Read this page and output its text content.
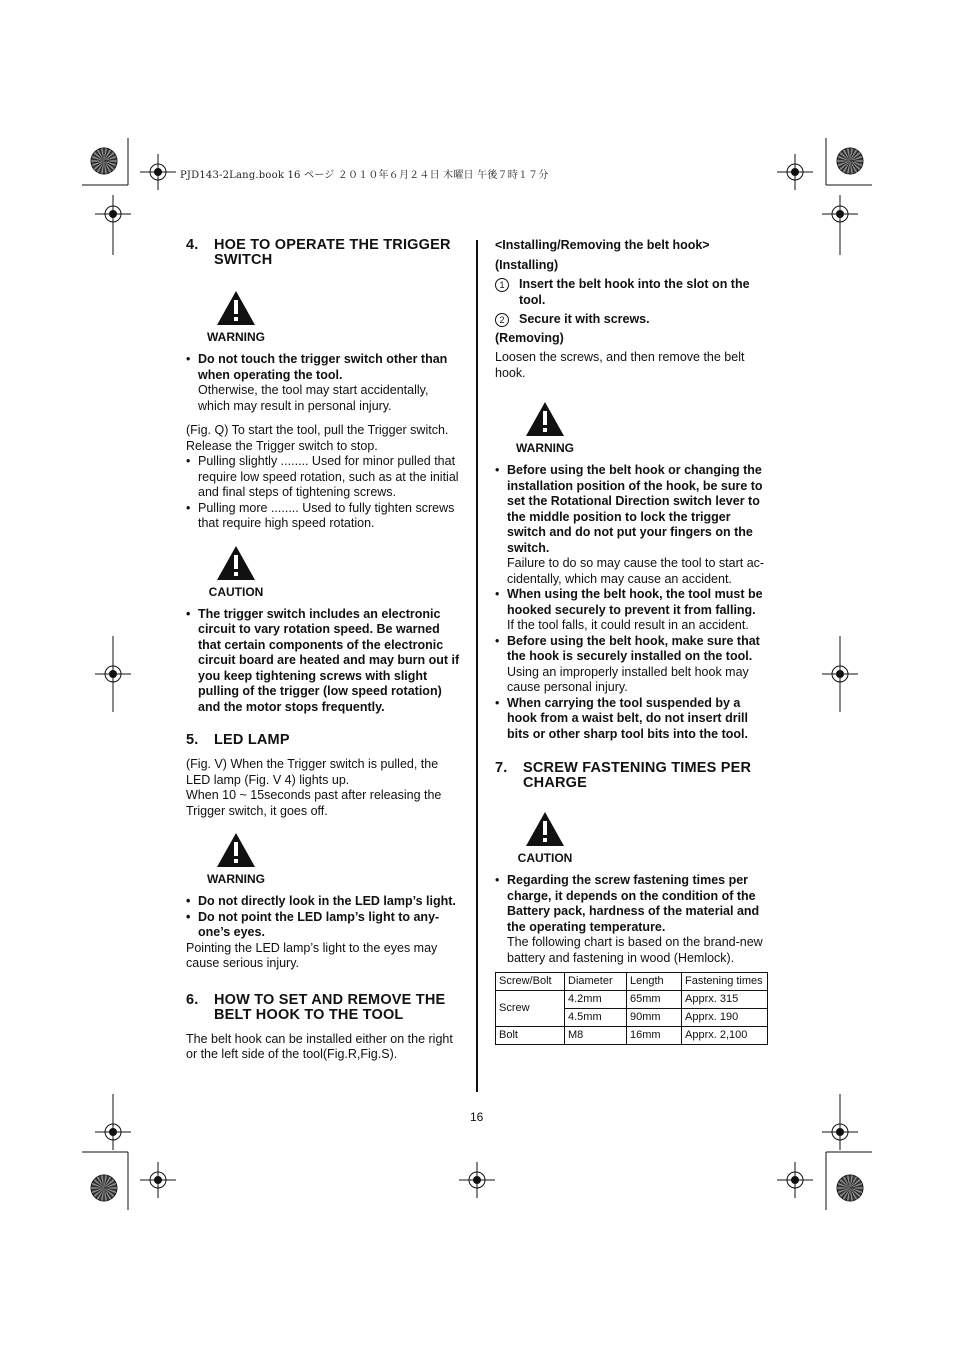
PJD143-2Lang.book 16 ページ ２０１０年６月２４日 木曜日 午後７時１７分
4.	HOE TO OPERATE THE TRIGGER SWITCH
WARNING
• Do not touch the trigger switch other than when operating the tool.
Otherwise, the tool may start accidentally, which may result in personal injury.

(Fig. Q) To start the tool, pull the Trigger switch. Release the Trigger switch to stop.

• Pulling slightly ........ Used for minor pulled that require low speed rotation, such as at the initial and final steps of tightening screws.
• Pulling more ........ Used to fully tighten screws that require high speed rotation.
CAUTION
• The trigger switch includes an electronic circuit to vary rotation speed. Be warned that certain components of the electronic circuit board are heated and may burn out if you keep tightening screws with slight pulling of the trigger (low speed rotation) and the motor stops frequently.
5.	LED LAMP

(Fig. V) When the Trigger switch is pulled, the LED lamp (Fig. V 4) lights up.

When 10 ~ 15seconds past after releasing the Trigger switch, it goes off.

WARNING
• Do not directly look in the LED lamp’s light.
• Do not point the LED lamp’s light to any-one’s eyes.

Pointing the LED lamp’s light to the eyes may cause serious injury.

6.	HOW TO SET AND REMOVE THE BELT HOOK TO THE TOOL

The belt hook can be installed either on the right or the left side of the tool(Fig.R,Fig.S).

<Installing/Removing the belt hook>

(Installing)

1	Insert the belt hook into the slot on the tool.
2	Secure it with screws.

(Removing)

Loosen the screws, and then remove the belt hook.

WARNING
• Before using the belt hook or changing the installation position of the hook, be sure to set the Rotational Direction switch lever to the middle position to lock the trigger switch and do not put your fingers on the switch.
Failure to do so may cause the tool to start ac-cidentally, which may cause an accident.
• When using the belt hook, the tool must be hooked securely to prevent it from falling.
If the tool falls, it could result in an accident.
• Before using the belt hook, make sure that the hook is securely installed on the tool.
Using an improperly installed belt hook may cause personal injury.
• When carrying the tool suspended by a hook from a waist belt, do not insert drill bits or other sharp tool bits into the tool.
7.	SCREW FASTENING TIMES PER CHARGE
CAUTION
• Regarding the screw fastening times per charge, it depends on the condition of the Battery pack, hardness of the material and the operating temperature.
The following chart is based on the brand-new battery and fastening in wood (Hemlock).
Screw/Bolt	Diameter	Length	Fastening times
Screw	4.2mm	65mm	Apprx. 315
	4.5mm	90mm	Apprx. 190
Bolt	M8	16mm	Apprx. 2,100
16
